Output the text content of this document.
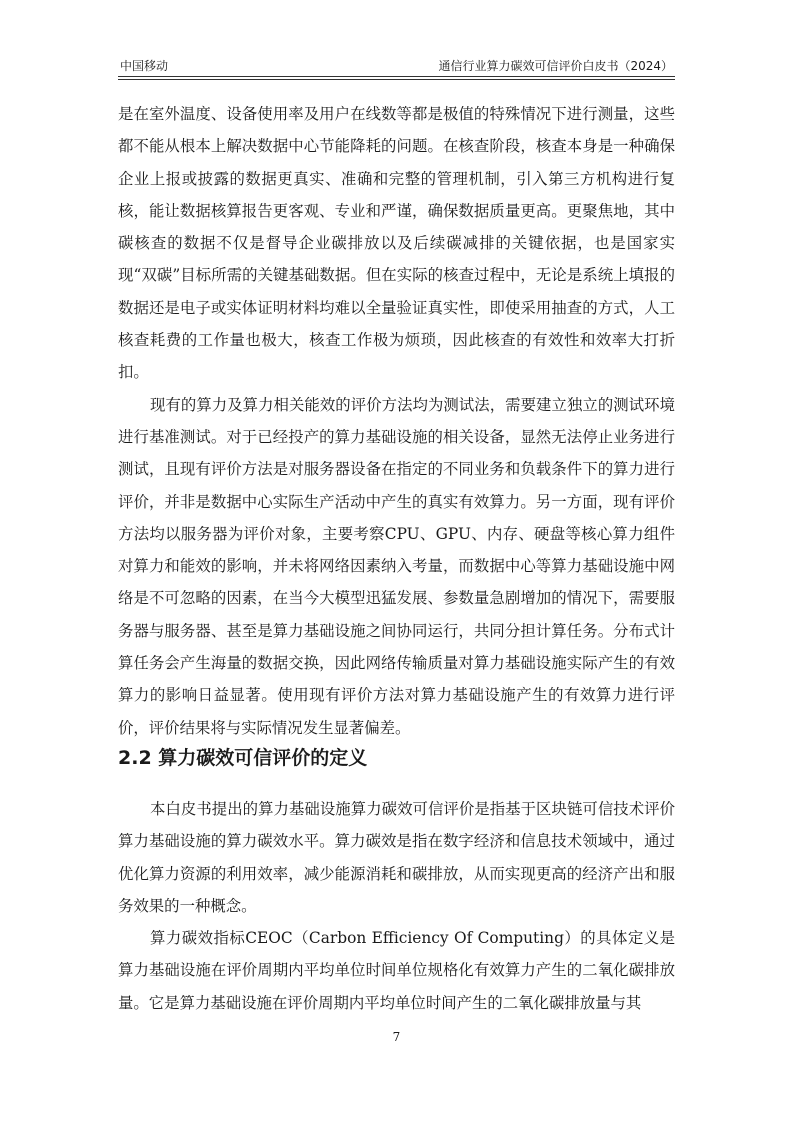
中国移动	通信行业算力碳效可信评价白皮书（2024）

是在室外温度、设备使用率及用户在线数等都是极值的特殊情况下进行测量，这些都不能从根本上解决数据中心节能降耗的问题。在核查阶段，核查本身是一种确保企业上报或披露的数据更真实、准确和完整的管理机制，引入第三方机构进行复核，能让数据核算报告更客观、专业和严谨，确保数据质量更高。更聚焦地，其中碳核查的数据不仅是督导企业碳排放以及后续碳减排的关键依据，也是国家实现“双碳”目标所需的关键基础数据。但在实际的核查过程中，无论是系统上填报的数据还是电子或实体证明材料均难以全量验证真实性，即使采用抽查的方式，人工核查耗费的工作量也极大，核查工作极为烦琐，因此核查的有效性和效率大打折扣。

现有的算力及算力相关能效的评价方法均为测试法，需要建立独立的测试环境进行基准测试。对于已经投产的算力基础设施的相关设备，显然无法停止业务进行测试，且现有评价方法是对服务器设备在指定的不同业务和负载条件下的算力进行评价，并非是数据中心实际生产活动中产生的真实有效算力。另一方面，现有评价方法均以服务器为评价对象，主要考察CPU、GPU、内存、硬盘等核心算力组件对算力和能效的影响，并未将网络因素纳入考量，而数据中心等算力基础设施中网络是不可忽略的因素，在当今大模型迅猛发展、参数量急剧增加的情况下，需要服务器与服务器、甚至是算力基础设施之间协同运行，共同分担计算任务。分布式计算任务会产生海量的数据交换，因此网络传输质量对算力基础设施实际产生的有效算力的影响日益显著。使用现有评价方法对算力基础设施产生的有效算力进行评价，评价结果将与实际情况发生显著偏差。

2.2 算力碳效可信评价的定义

本白皮书提出的算力基础设施算力碳效可信评价是指基于区块链可信技术评价算力基础设施的算力碳效水平。算力碳效是指在数字经济和信息技术领域中，通过优化算力资源的利用效率，减少能源消耗和碳排放，从而实现更高的经济产出和服务效果的一种概念。

算力碳效指标CEOC（Carbon Efficiency Of Computing）的具体定义是算力基础设施在评价周期内平均单位时间单位规格化有效算力产生的二氧化碳排放量。它是算力基础设施在评价周期内平均单位时间产生的二氧化碳排放量与其

7
